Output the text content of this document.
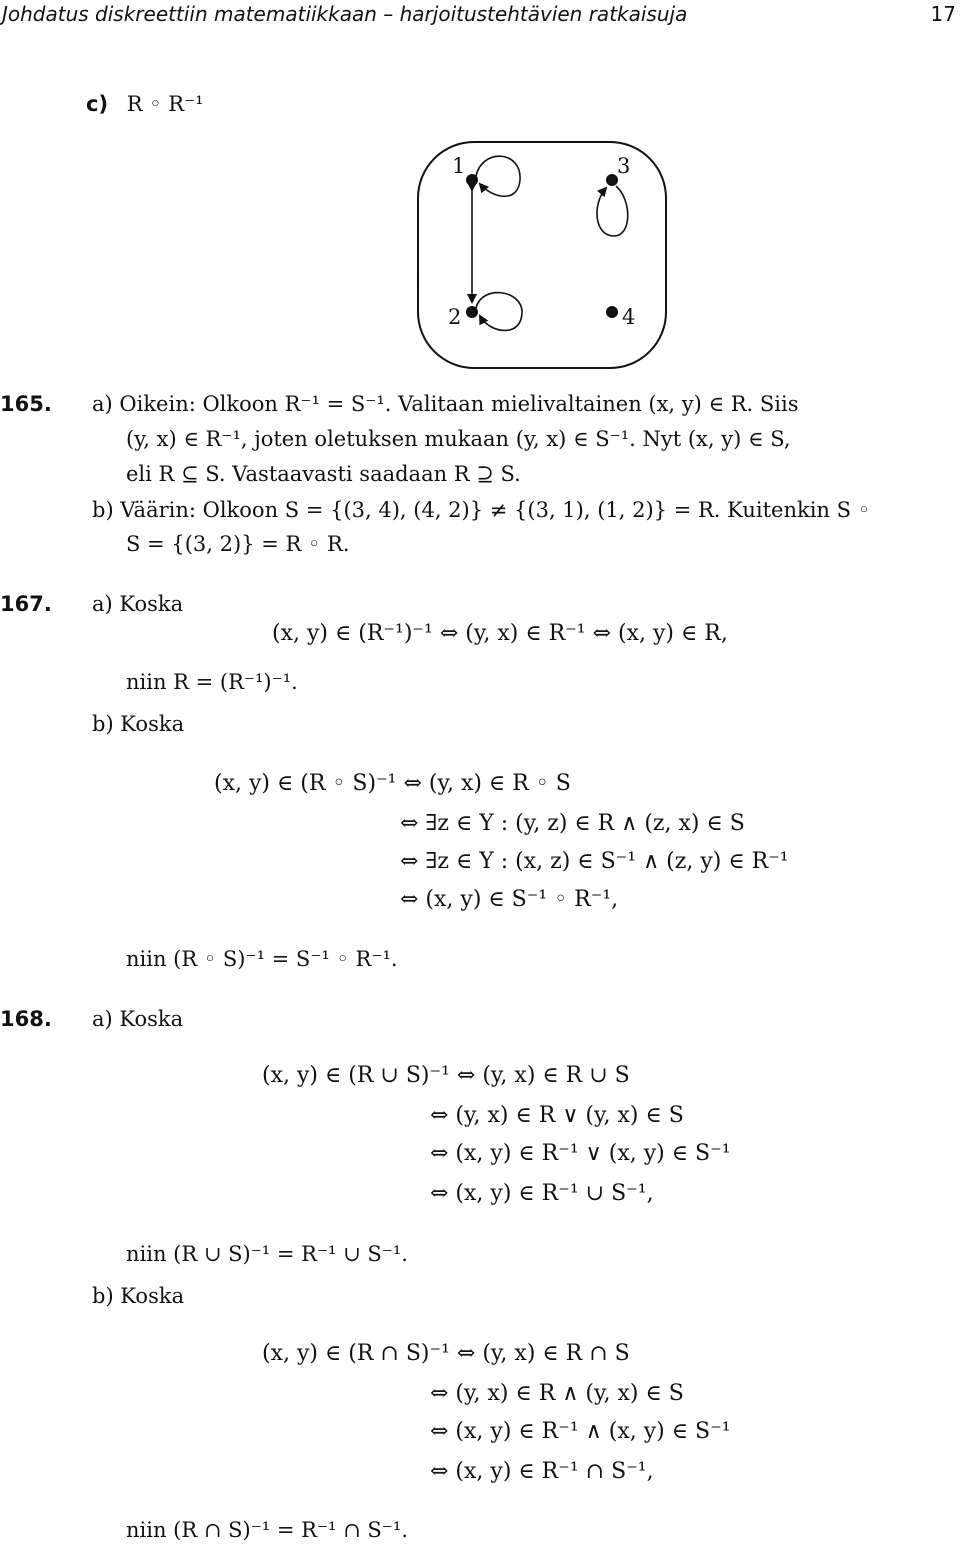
Johdatus diskreettiin matematiikkaan – harjoitustehtävien ratkaisuja	17
c) R ◦ R⁻¹
1
2
3
4
165. a) Oikein: Olkoon R⁻¹ = S⁻¹. Valitaan mielivaltainen (x, y) ∈ R. Siis
(y, x) ∈ R⁻¹, joten oletuksen mukaan (y, x) ∈ S⁻¹. Nyt (x, y) ∈ S,
eli R ⊆ S. Vastaavasti saadaan R ⊇ S.
b) Väärin: Olkoon S = {(3, 4), (4, 2)} ≠ {(3, 1), (1, 2)} = R. Kuitenkin S ◦
S = {(3, 2)} = R ◦ R.
167. a) Koska
(x, y) ∈ (R⁻¹)⁻¹ ⇔ (y, x) ∈ R⁻¹ ⇔ (x, y) ∈ R,
niin R = (R⁻¹)⁻¹.
b) Koska
(x, y) ∈ (R ◦ S)⁻¹ ⇔ (y, x) ∈ R ◦ S
⇔ ∃z ∈ Y : (y, z) ∈ R ∧ (z, x) ∈ S
⇔ ∃z ∈ Y : (x, z) ∈ S⁻¹ ∧ (z, y) ∈ R⁻¹
⇔ (x, y) ∈ S⁻¹ ◦ R⁻¹,
niin (R ◦ S)⁻¹ = S⁻¹ ◦ R⁻¹.
168. a) Koska
(x, y) ∈ (R ∪ S)⁻¹ ⇔ (y, x) ∈ R ∪ S
⇔ (y, x) ∈ R ∨ (y, x) ∈ S
⇔ (x, y) ∈ R⁻¹ ∨ (x, y) ∈ S⁻¹
⇔ (x, y) ∈ R⁻¹ ∪ S⁻¹,
niin (R ∪ S)⁻¹ = R⁻¹ ∪ S⁻¹.
b) Koska
(x, y) ∈ (R ∩ S)⁻¹ ⇔ (y, x) ∈ R ∩ S
⇔ (y, x) ∈ R ∧ (y, x) ∈ S
⇔ (x, y) ∈ R⁻¹ ∧ (x, y) ∈ S⁻¹
⇔ (x, y) ∈ R⁻¹ ∩ S⁻¹,
niin (R ∩ S)⁻¹ = R⁻¹ ∩ S⁻¹.
